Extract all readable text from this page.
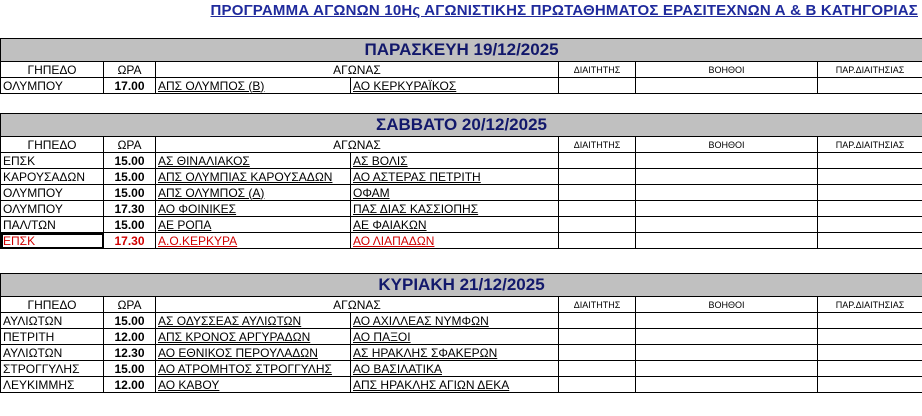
ΠΡΟΓΡΑΜΜΑ ΑΓΩΝΩΝ 10Ης ΑΓΩΝΙΣΤΙΚΗΣ ΠΡΩΤΑΘΗΜΑΤΟΣ ΕΡΑΣΙΤΕΧΝΩΝ Α & Β ΚΑΤΗΓΟΡΙΑΣ
ΠΑΡΑΣΚΕΥΗ 19/12/2025						
ΓΗΠΕΔΟ	ΩΡΑ	ΑΓΩΝΑΣ		ΔΙΑΙΤΗΤΗΣ	ΒΟΗΘΟΙ	ΠΑΡ.ΔΙΑΙΤΗΣΙΑΣ
ΟΛΥΜΠΟΥ	17.00	ΑΠΣ ΟΛΥΜΠΟΣ (Β)	ΑΟ ΚΕΡΚΥΡΑΪΚΟΣ			
ΣΑΒΒΑΤΟ 20/12/2025						
ΓΗΠΕΔΟ	ΩΡΑ	ΑΓΩΝΑΣ		ΔΙΑΙΤΗΤΗΣ	ΒΟΗΘΟΙ	ΠΑΡ.ΔΙΑΙΤΗΣΙΑΣ
ΕΠΣΚ	15.00	ΑΣ ΘΙΝΑΛΙΑΚΟΣ	ΑΣ ΒΟΛΙΣ			
ΚΑΡΟΥΣΑΔΩΝ	15.00	ΑΠΣ ΟΛΥΜΠΙΑΣ ΚΑΡΟΥΣΑΔΩΝ	ΑΟ ΑΣΤΕΡΑΣ ΠΕΤΡΙΤΗ			
ΟΛΥΜΠΟΥ	15.00	ΑΠΣ ΟΛΥΜΠΟΣ (Α)	ΟΦΑΜ			
ΟΛΥΜΠΟΥ	17.30	ΑΟ ΦΟΙΝΙΚΕΣ	ΠΑΣ ΔΙΑΣ ΚΑΣΣΙΟΠΗΣ			
ΠΑΛ/ΤΩΝ	15.00	ΑΕ ΡΟΠΑ	ΑΕ ΦΑΙΑΚΩΝ			
ΕΠΣΚ	17.30	Α.Ο.ΚΕΡΚΥΡΑ	ΑΟ ΛΙΑΠΑΔΩΝ			
ΚΥΡΙΑΚΗ 21/12/2025						
ΓΗΠΕΔΟ	ΩΡΑ	ΑΓΩΝΑΣ		ΔΙΑΙΤΗΤΗΣ	ΒΟΗΘΟΙ	ΠΑΡ.ΔΙΑΙΤΗΣΙΑΣ
ΑΥΛΙΩΤΩΝ	15.00	ΑΣ ΟΔΥΣΣΕΑΣ ΑΥΛΙΩΤΩΝ	ΑΟ ΑΧΙΛΛΕΑΣ ΝΥΜΦΩΝ			
ΠΕΤΡΙΤΗ	12.00	ΑΠΣ ΚΡΟΝΟΣ ΑΡΓΥΡΑΔΩΝ	ΑΟ ΠΑΞΟΙ			
ΑΥΛΙΩΤΩΝ	12.30	ΑΟ ΕΘΝΙΚΟΣ ΠΕΡΟΥΛΑΔΩΝ	ΑΣ ΗΡΑΚΛΗΣ ΣΦΑΚΕΡΩΝ			
ΣΤΡΟΓΓΥΛΗΣ	15.00	ΑΟ ΑΤΡΟΜΗΤΟΣ ΣΤΡΟΓΓΥΛΗΣ	ΑΟ ΒΑΣΙΛΑΤΙΚΑ			
ΛΕΥΚΙΜΜΗΣ	12.00	ΑΟ ΚΑΒΟΥ	ΑΠΣ ΗΡΑΚΛΗΣ ΑΓΙΩΝ ΔΕΚΑ			
